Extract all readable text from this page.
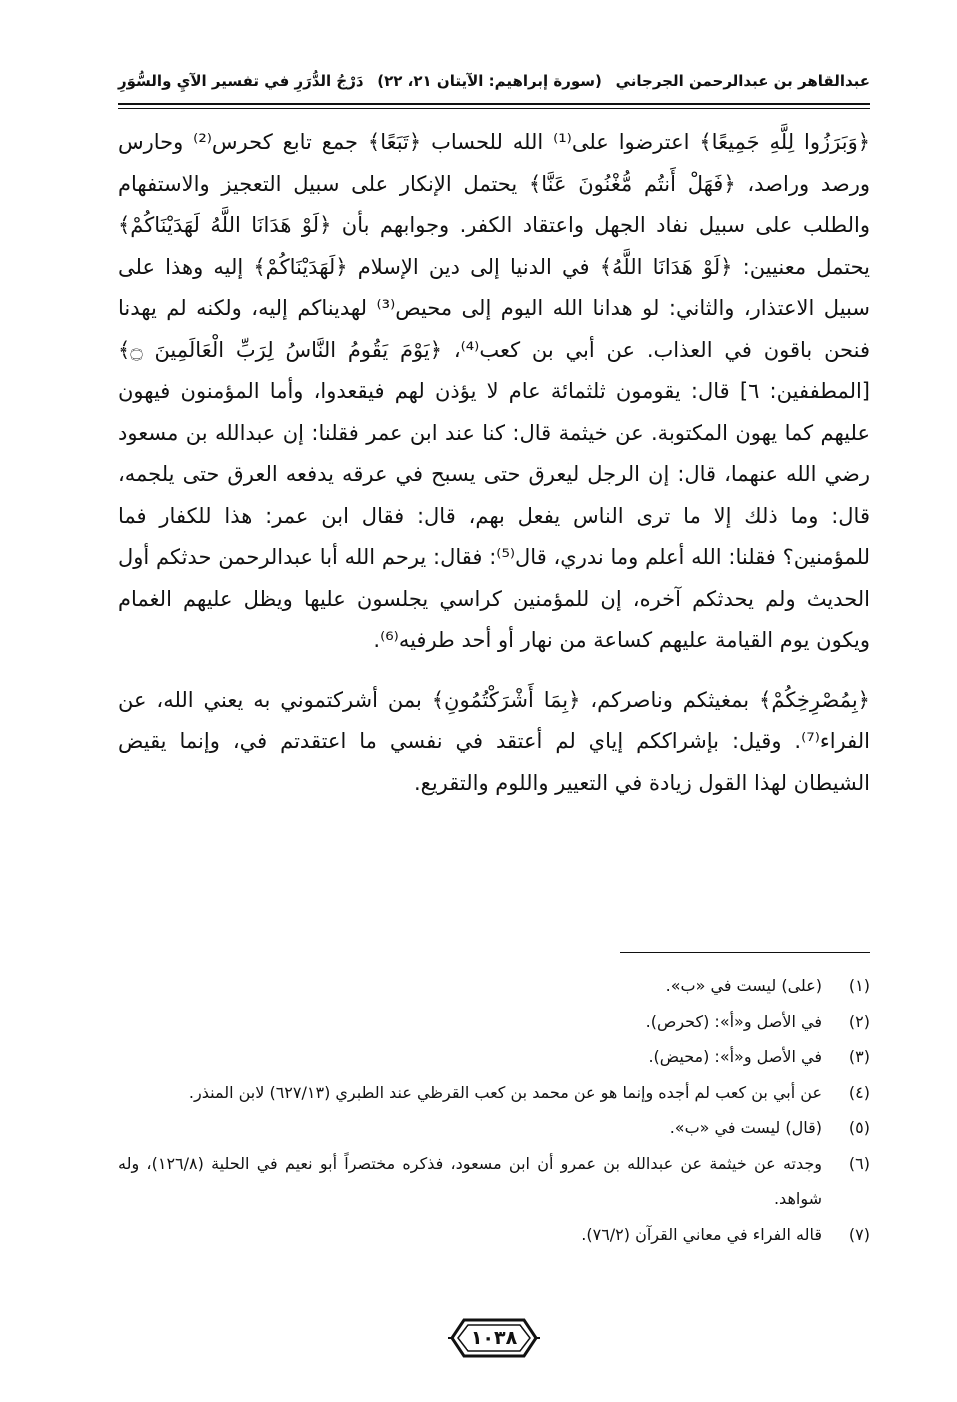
عبدالقاهر بن عبدالرحمن الجرجاني
(سورة إبراهيم: الآيتان ٢١، ٢٢)
دَرْجُ الدُّرَرِ في تفسير الآيِ والسُّوَرِ

﴿وَبَرَزُوا لِلَّهِ جَمِيعًا﴾ اعترضوا على⁽¹⁾ الله للحساب ﴿تَبَعًا﴾ جمع تابع كحرس⁽²⁾ وحارس ورصد وراصد، ﴿فَهَلْ أَنتُم مُّغْنُونَ عَنَّا﴾ يحتمل الإنكار على سبيل التعجيز والاستفهام والطلب على سبيل نفاد الجهل واعتقاد الكفر. وجوابهم بأن ﴿لَوْ هَدَانَا اللَّهُ لَهَدَيْنَاكُمْ﴾ يحتمل معنيين: ﴿لَوْ هَدَانَا اللَّهُ﴾ في الدنيا إلى دين الإسلام ﴿لَهَدَيْنَاكُمْ﴾ إليه وهذا على سبيل الاعتذار، والثاني: لو هدانا الله اليوم إلى محيص⁽³⁾ لهديناكم إليه، ولكنه لم يهدنا فنحن باقون في العذاب. عن أبي بن كعب⁽⁴⁾، ﴿يَوْمَ يَقُومُ النَّاسُ لِرَبِّ الْعَالَمِينَ ۝﴾ [المطففين: ٦] قال: يقومون ثلثمائة عام لا يؤذن لهم فيقعدوا، وأما المؤمنون فيهون عليهم كما يهون المكتوبة. عن خيثمة قال: كنا عند ابن عمر فقلنا: إن عبدالله بن مسعود رضي الله عنهما، قال: إن الرجل ليعرق حتى يسبح في عرقه يدفعه العرق حتى يلجمه، قال: وما ذلك إلا ما ترى الناس يفعل بهم، قال: فقال ابن عمر: هذا للكفار فما للمؤمنين؟ فقلنا: الله أعلم وما ندري، قال⁽⁵⁾: فقال: يرحم الله أبا عبدالرحمن حدثكم أول الحديث ولم يحدثكم آخره، إن للمؤمنين كراسي يجلسون عليها ويظل عليهم الغمام ويكون يوم القيامة عليهم كساعة من نهار أو أحد طرفيه⁽⁶⁾.

﴿بِمُصْرِخِكُمْ﴾ بمغيثكم وناصركم، ﴿بِمَا أَشْرَكْتُمُونِ﴾ بمن أشركتموني به يعني الله، عن الفراء⁽⁷⁾. وقيل: بإشراككم إياي لم أعتقد في نفسي ما اعتقدتم في، وإنما يقيض الشيطان لهذا القول زيادة في التعيير واللوم والتقريع.

(١)
(على) ليست في «ب».
(٢)
في الأصل و«أ»: (كحرص).
(٣)
في الأصل و«أ»: (محيض).
(٤)
عن أبي بن كعب لم أجده وإنما هو عن محمد بن كعب القرظي عند الطبري (٦٢٧/١٣) لابن المنذر.
(٥)
(قال) ليست في «ب».
(٦)
وجدته عن خيثمة عن عبدالله بن عمرو أن ابن مسعود، فذكره مختصراً أبو نعيم في الحلية (١٢٦/٨)، وله شواهد.
(٧)
قاله الفراء في معاني القرآن (٧٦/٢).
١٠٣٨
